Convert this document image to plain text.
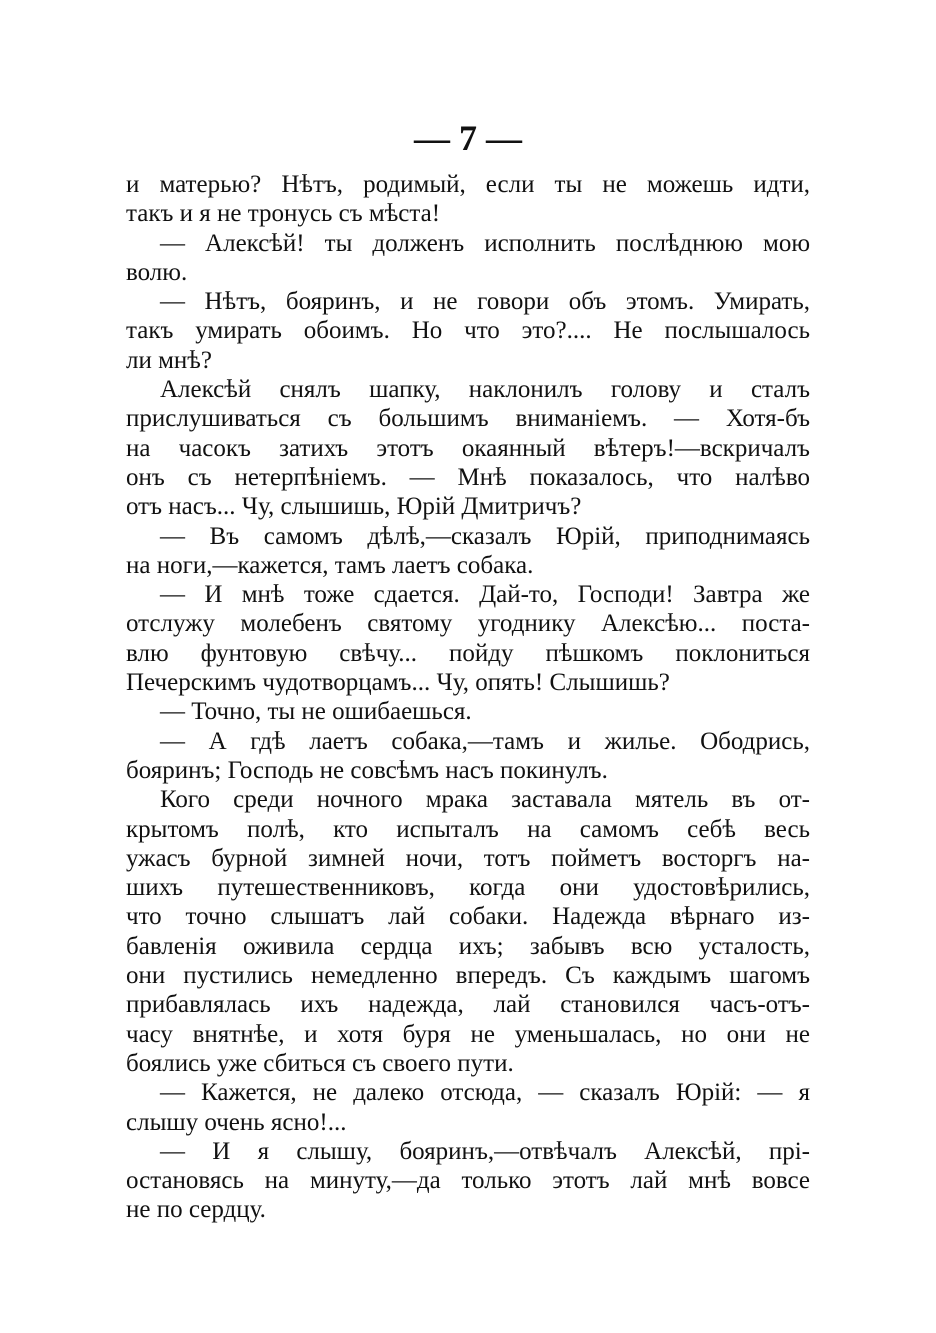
— 7 —
и матерью? Нѣтъ, родимый, если ты не можешь идти,
такъ и я не тронусь съ мѣста!
— Алексѣй! ты долженъ исполнить послѣднюю мою
волю.
— Нѣтъ, бояринъ, и не говори объ этомъ. Умирать,
такъ умирать обоимъ. Но что это?.... Не послышалось
ли мнѣ?
Алексѣй снялъ шапку, наклонилъ голову и сталъ
прислушиваться съ большимъ вниманіемъ. — Хотя-бъ
на часокъ затихъ этотъ окаянный вѣтеръ!—вскричалъ
онъ съ нетерпѣніемъ. — Мнѣ показалось, что налѣво
отъ насъ... Чу, слышишь, Юрій Дмитричъ?
— Въ самомъ дѣлѣ,—сказалъ Юрій, приподнимаясь
на ноги,—кажется, тамъ лаетъ собака.
— И мнѣ тоже сдается. Дай-то, Господи! Завтра же
отслужу молебенъ святому угоднику Алексѣю... поста-
влю фунтовую свѣчу... пойду пѣшкомъ поклониться
Печерскимъ чудотворцамъ... Чу, опять! Слышишь?
— Точно, ты не ошибаешься.
— А гдѣ лаетъ собака,—тамъ и жилье. Ободрись,
бояринъ; Господь не совсѣмъ насъ покинулъ.
Кого среди ночного мрака заставала мятель въ от-
крытомъ полѣ, кто испыталъ на самомъ себѣ весь
ужасъ бурной зимней ночи, тотъ пойметъ восторгъ на-
шихъ путешественниковъ, когда они удостовѣрились,
что точно слышатъ лай собаки. Надежда вѣрнаго из-
бавленія оживила сердца ихъ; забывъ всю усталость,
они пустились немедленно впередъ. Съ каждымъ шагомъ
прибавлялась ихъ надежда, лай становился часъ-отъ-
часу внятнѣе, и хотя буря не уменьшалась, но они не
боялись уже сбиться съ своего пути.
— Кажется, не далеко отсюда, — сказалъ Юрій: — я
слышу очень ясно!...
— И я слышу, бояринъ,—отвѣчалъ Алексѣй, прі-
остановясь на минуту,—да только этотъ лай мнѣ вовсе
не по сердцу.
